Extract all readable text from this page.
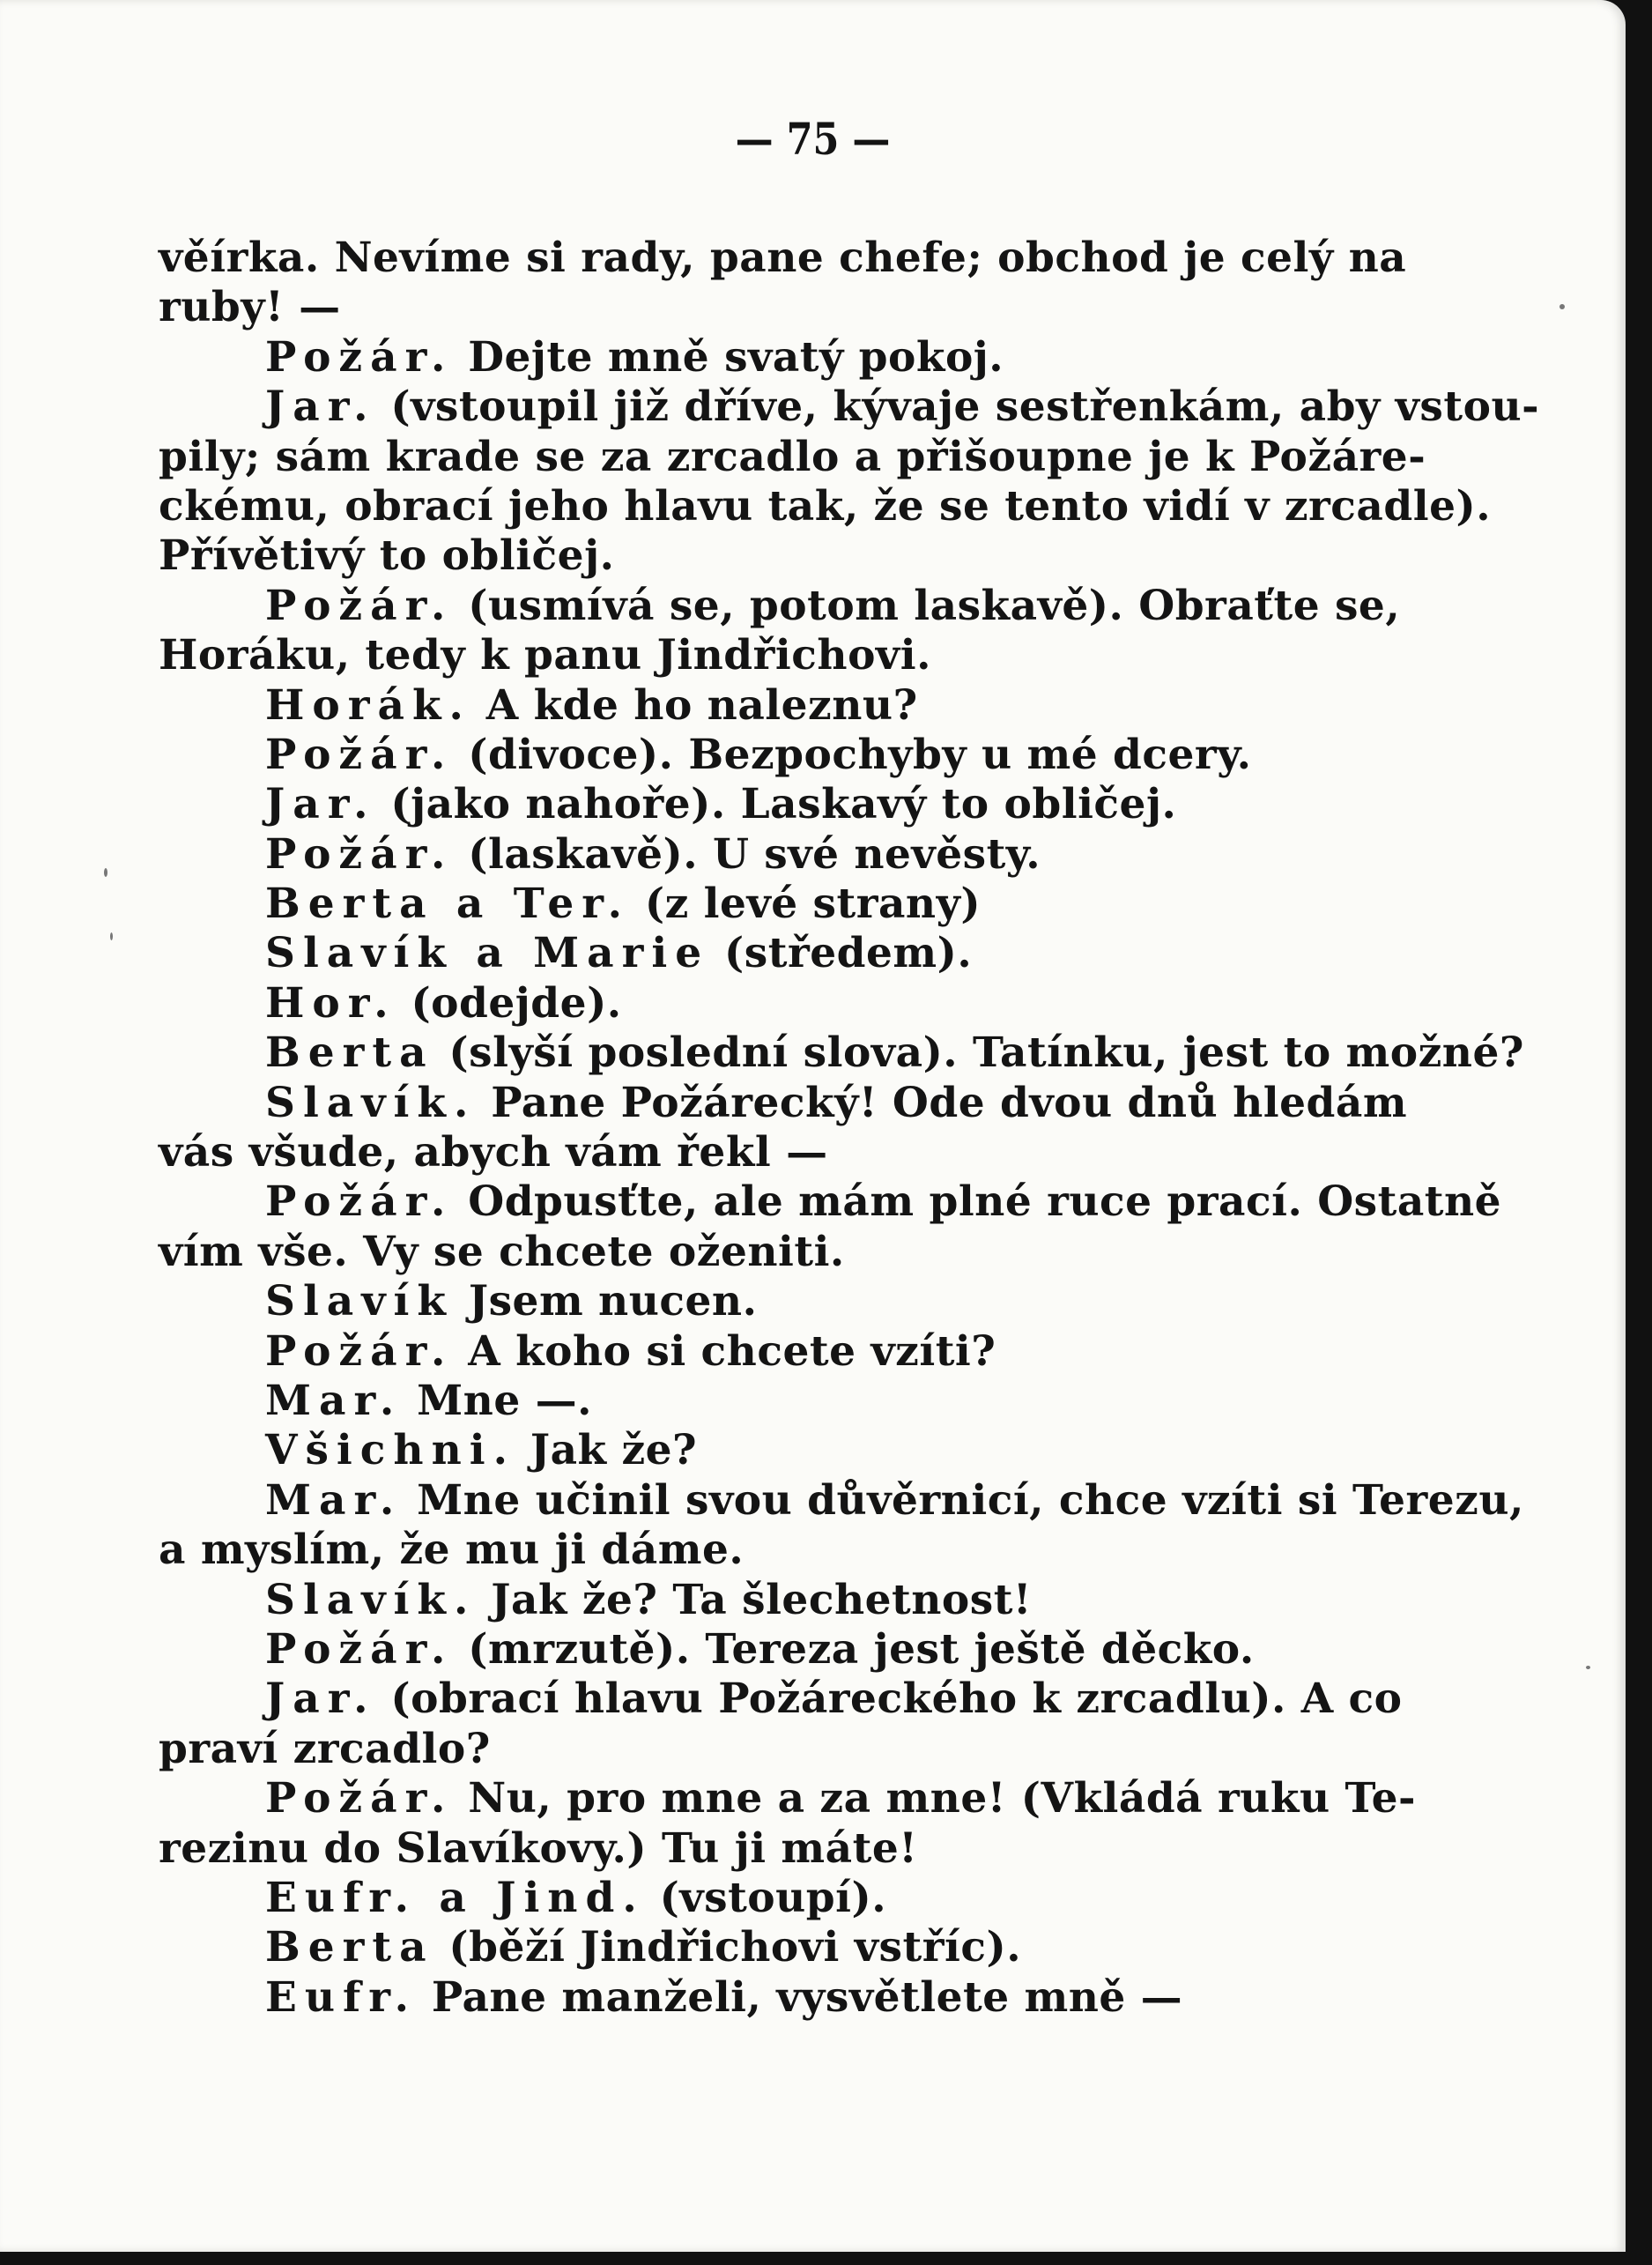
— 75 —
věírka. Nevíme si rady, pane chefe; obchod je celý na
ruby! —
Požár. Dejte mně svatý pokoj.
Jar. (vstoupil již dříve, kývaje sestřenkám, aby vstou-
pily; sám krade se za zrcadlo a přišoupne je k Požáre-
ckému, obrací jeho hlavu tak, že se tento vidí v zrcadle).
Přívětivý to obličej.
Požár. (usmívá se, potom laskavě). Obraťte se,
Horáku, tedy k panu Jindřichovi.
Horák. A kde ho naleznu?
Požár. (divoce). Bezpochyby u mé dcery.
Jar. (jako nahoře). Laskavý to obličej.
Požár. (laskavě). U své nevěsty.
Berta a Ter. (z levé strany)
Slavík a Marie (středem).
Hor. (odejde).
Berta (slyší poslední slova). Tatínku, jest to možné?
Slavík. Pane Požárecký! Ode dvou dnů hledám
vás všude, abych vám řekl —
Požár. Odpusťte, ale mám plné ruce prací. Ostatně
vím vše. Vy se chcete oženiti.
Slavík Jsem nucen.
Požár. A koho si chcete vzíti?
Mar. Mne —.
Všichni. Jak že?
Mar. Mne učinil svou důvěrnicí, chce vzíti si Terezu,
a myslím, že mu ji dáme.
Slavík. Jak že? Ta šlechetnost!
Požár. (mrzutě). Tereza jest ještě děcko.
Jar. (obrací hlavu Požáreckého k zrcadlu). A co
praví zrcadlo?
Požár. Nu, pro mne a za mne! (Vkládá ruku Te-
rezinu do Slavíkovy.) Tu ji máte!
Eufr. a Jind. (vstoupí).
Berta (běží Jindřichovi vstříc).
Eufr. Pane manželi, vysvětlete mně —
